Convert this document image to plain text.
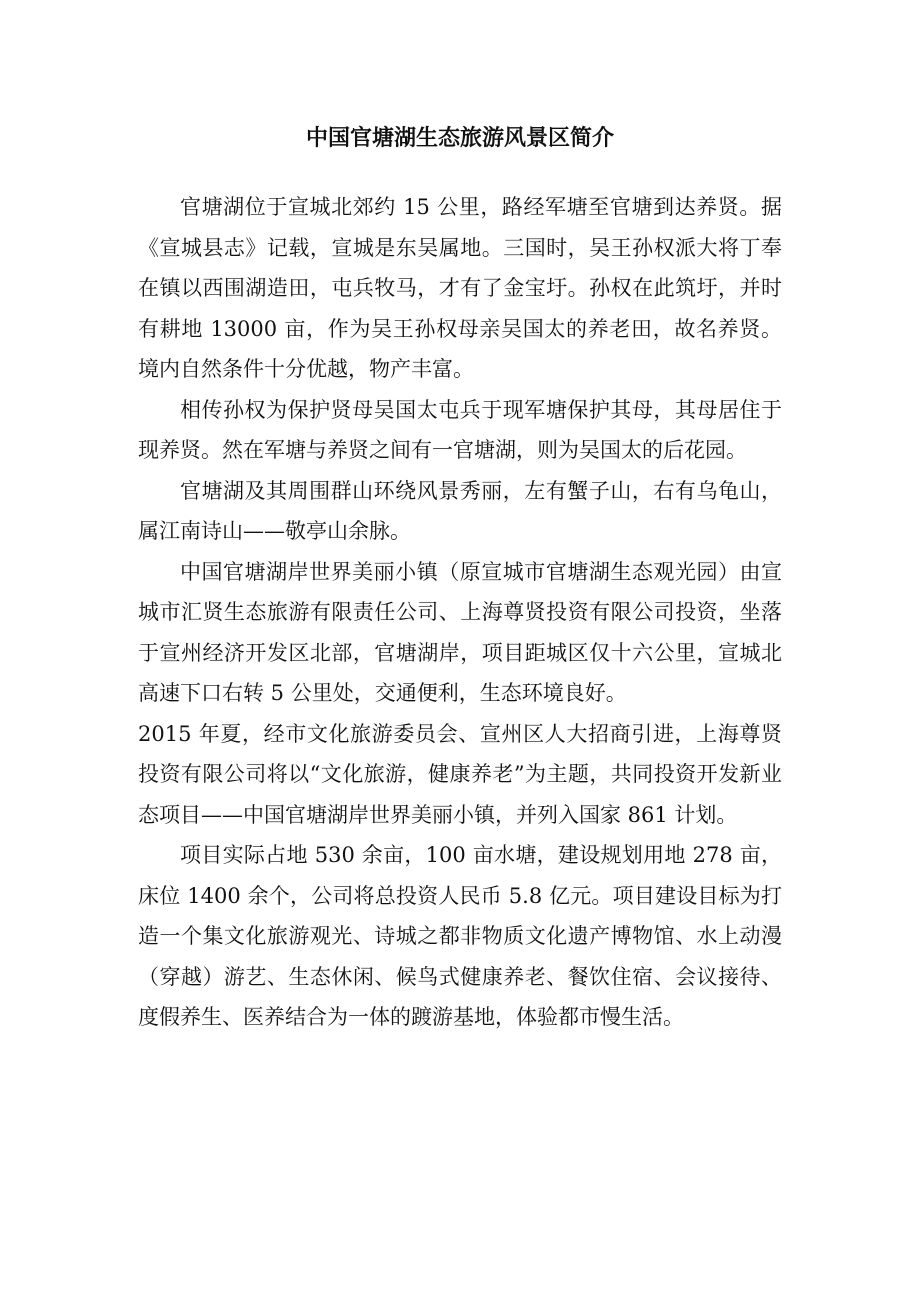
中国官塘湖生态旅游风景区简介

官塘湖位于宣城北郊约 15 公里，路经军塘至官塘到达养贤。据《宣城县志》记载，宣城是东吴属地。三国时，吴王孙权派大将丁奉在镇以西围湖造田，屯兵牧马，才有了金宝圩。孙权在此筑圩，并时有耕地 13000 亩，作为吴王孙权母亲吴国太的养老田，故名养贤。境内自然条件十分优越，物产丰富。

相传孙权为保护贤母吴国太屯兵于现军塘保护其母，其母居住于现养贤。然在军塘与养贤之间有一官塘湖，则为吴国太的后花园。

官塘湖及其周围群山环绕风景秀丽，左有蟹子山，右有乌龟山，属江南诗山——敬亭山余脉。

中国官塘湖岸世界美丽小镇（原宣城市官塘湖生态观光园）由宣城市汇贤生态旅游有限责任公司、上海尊贤投资有限公司投资，坐落于宣州经济开发区北部，官塘湖岸，项目距城区仅十六公里，宣城北高速下口右转 5 公里处，交通便利，生态环境良好。

2015 年夏，经市文化旅游委员会、宣州区人大招商引进，上海尊贤投资有限公司将以“文化旅游，健康养老”为主题，共同投资开发新业态项目——中国官塘湖岸世界美丽小镇，并列入国家 861 计划。

项目实际占地 530 余亩，100 亩水塘，建设规划用地 278 亩，床位 1400 余个，公司将总投资人民币 5.8 亿元。项目建设目标为打造一个集文化旅游观光、诗城之都非物质文化遗产博物馆、水上动漫（穿越）游艺、生态休闲、候鸟式健康养老、餐饮住宿、会议接待、度假养生、医养结合为一体的踱游基地，体验都市慢生活。
